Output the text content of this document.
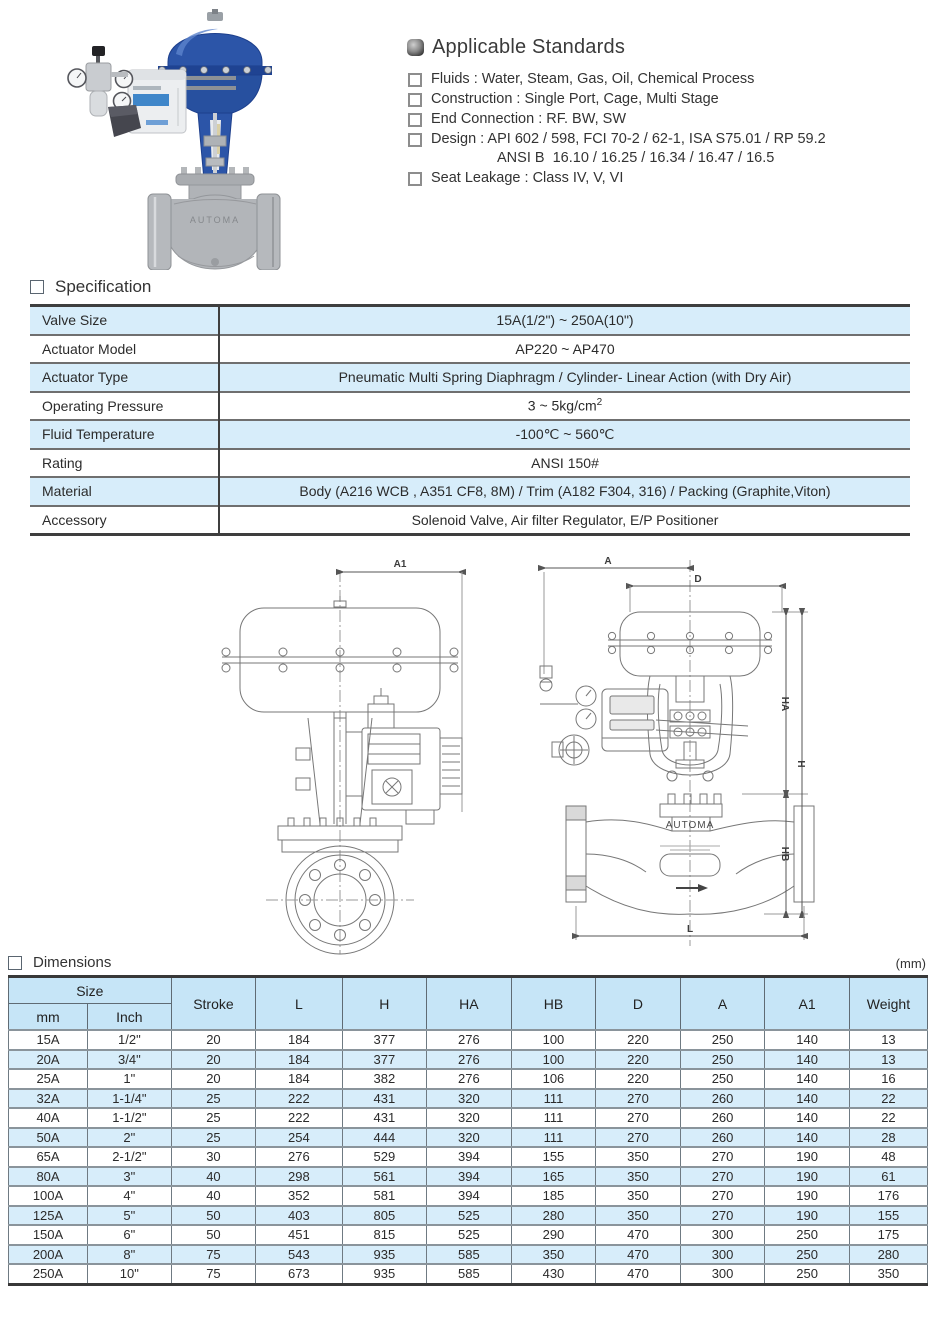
AUTOMA
Applicable Standards
Fluids : Water, Steam, Gas, Oil, Chemical Process
Construction : Single Port, Cage, Multi Stage
End Connection : RF. BW, SW
Design : API 602 / 598, FCI 70-2 / 62-1, ISA S75.01 / RP 59.2
ANSI B  16.10 / 16.25 / 16.34 / 16.47 / 16.5
Seat Leakage : Class IV, V, VI
Specification
Valve Size	15A(1/2") ~ 250A(10")
Actuator Model	AP220 ~ AP470
Actuator Type	Pneumatic Multi Spring Diaphragm / Cylinder- Linear Action (with Dry Air)
Operating Pressure	3 ~ $5kg/cm^2$
Fluid Temperature	-100℃ ~ 560℃
Rating	ANSI 150#
Material	Body (A216 WCB , A351 CF8, 8M) / Trim (A182 F304, 316) / Packing (Graphite,Viton)
Accessory	Solenoid Valve, Air filter Regulator, E/P Positioner
A1	A
D
HA
H
HB
L
AUTOMA
Dimensions	(mm)
Size		Stroke	L	H	HA	HB	D	A	A1	Weight
mm	Inch									
15A	1/2"	20	184	377	276	100	220	250	140	13
20A	3/4"	20	184	377	276	100	220	250	140	13
25A	1"	20	184	382	276	106	220	250	140	16
32A	1-1/4"	25	222	431	320	111	270	260	140	22
40A	1-1/2"	25	222	431	320	111	270	260	140	22
50A	2"	25	254	444	320	111	270	260	140	28
65A	2-1/2"	30	276	529	394	155	350	270	190	48
80A	3"	40	298	561	394	165	350	270	190	61
100A	4"	40	352	581	394	185	350	270	190	176
125A	5"	50	403	805	525	280	350	270	190	155
150A	6"	50	451	815	525	290	470	300	250	175
200A	8"	75	543	935	585	350	470	300	250	280
250A	10"	75	673	935	585	430	470	300	250	350
